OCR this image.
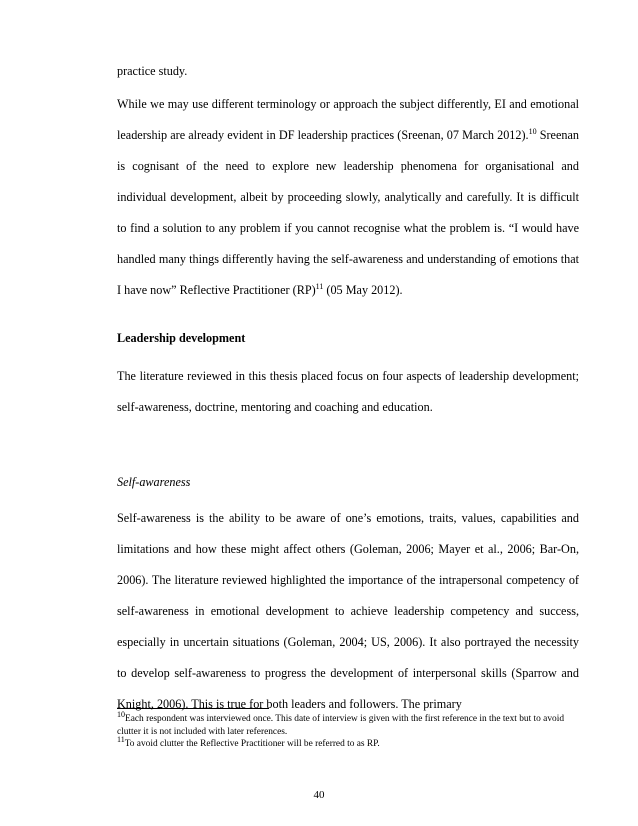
practice study.

While we may use different terminology or approach the subject differently, EI and emotional leadership are already evident in DF leadership practices (Sreenan, 07 March 2012).$^{10}$ Sreenan is cognisant of the need to explore new leadership phenomena for organisational and individual development, albeit by proceeding slowly, analytically and carefully. It is difficult to find a solution to any problem if you cannot recognise what the problem is. “I would have handled many things differently having the self-awareness and understanding of emotions that I have now” Reflective Practitioner (RP)$^{11}$ (05 May 2012).

Leadership development

The literature reviewed in this thesis placed focus on four aspects of leadership development; self-awareness, doctrine, mentoring and coaching and education.

Self-awareness

Self-awareness is the ability to be aware of one’s emotions, traits, values, capabilities and limitations and how these might affect others (Goleman, 2006; Mayer et al., 2006; Bar-On, 2006). The literature reviewed highlighted the importance of the intrapersonal competency of self-awareness in emotional development to achieve leadership competency and success, especially in uncertain situations (Goleman, 2004; US, 2006). It also portrayed the necessity to develop self-awareness to progress the development of interpersonal skills (Sparrow and Knight, 2006). This is true for both leaders and followers. The primary

$^{10}$Each respondent was interviewed once. This date of interview is given with the first reference in the text but to avoid clutter it is not included with later references.

$^{11}$To avoid clutter the Reflective Practitioner will be referred to as RP.

40
